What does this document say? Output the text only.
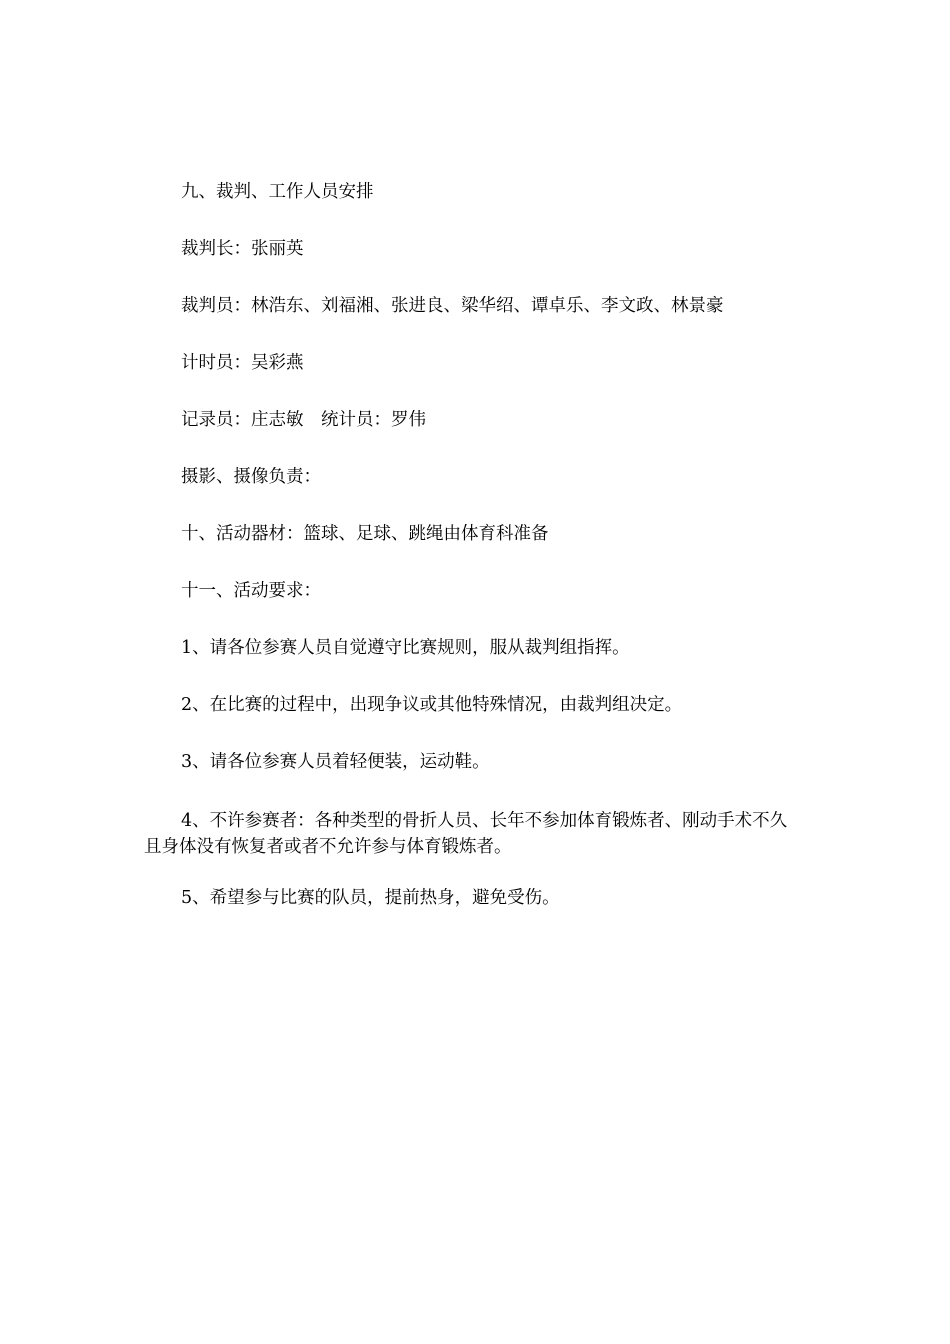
九、裁判、工作人员安排

裁判长：张丽英

裁判员：林浩东、刘福湘、张进良、梁华绍、谭卓乐、李文政、林景豪

计时员：吴彩燕

记录员：庄志敏　统计员：罗伟

摄影、摄像负责：

十、活动器材：篮球、足球、跳绳由体育科准备

十一、活动要求：

1、请各位参赛人员自觉遵守比赛规则，服从裁判组指挥。

2、在比赛的过程中，出现争议或其他特殊情况，由裁判组决定。

3、请各位参赛人员着轻便装，运动鞋。

4、不许参赛者：各种类型的骨折人员、长年不参加体育锻炼者、刚动手术不久且身体没有恢复者或者不允许参与体育锻炼者。

5、希望参与比赛的队员，提前热身，避免受伤。
